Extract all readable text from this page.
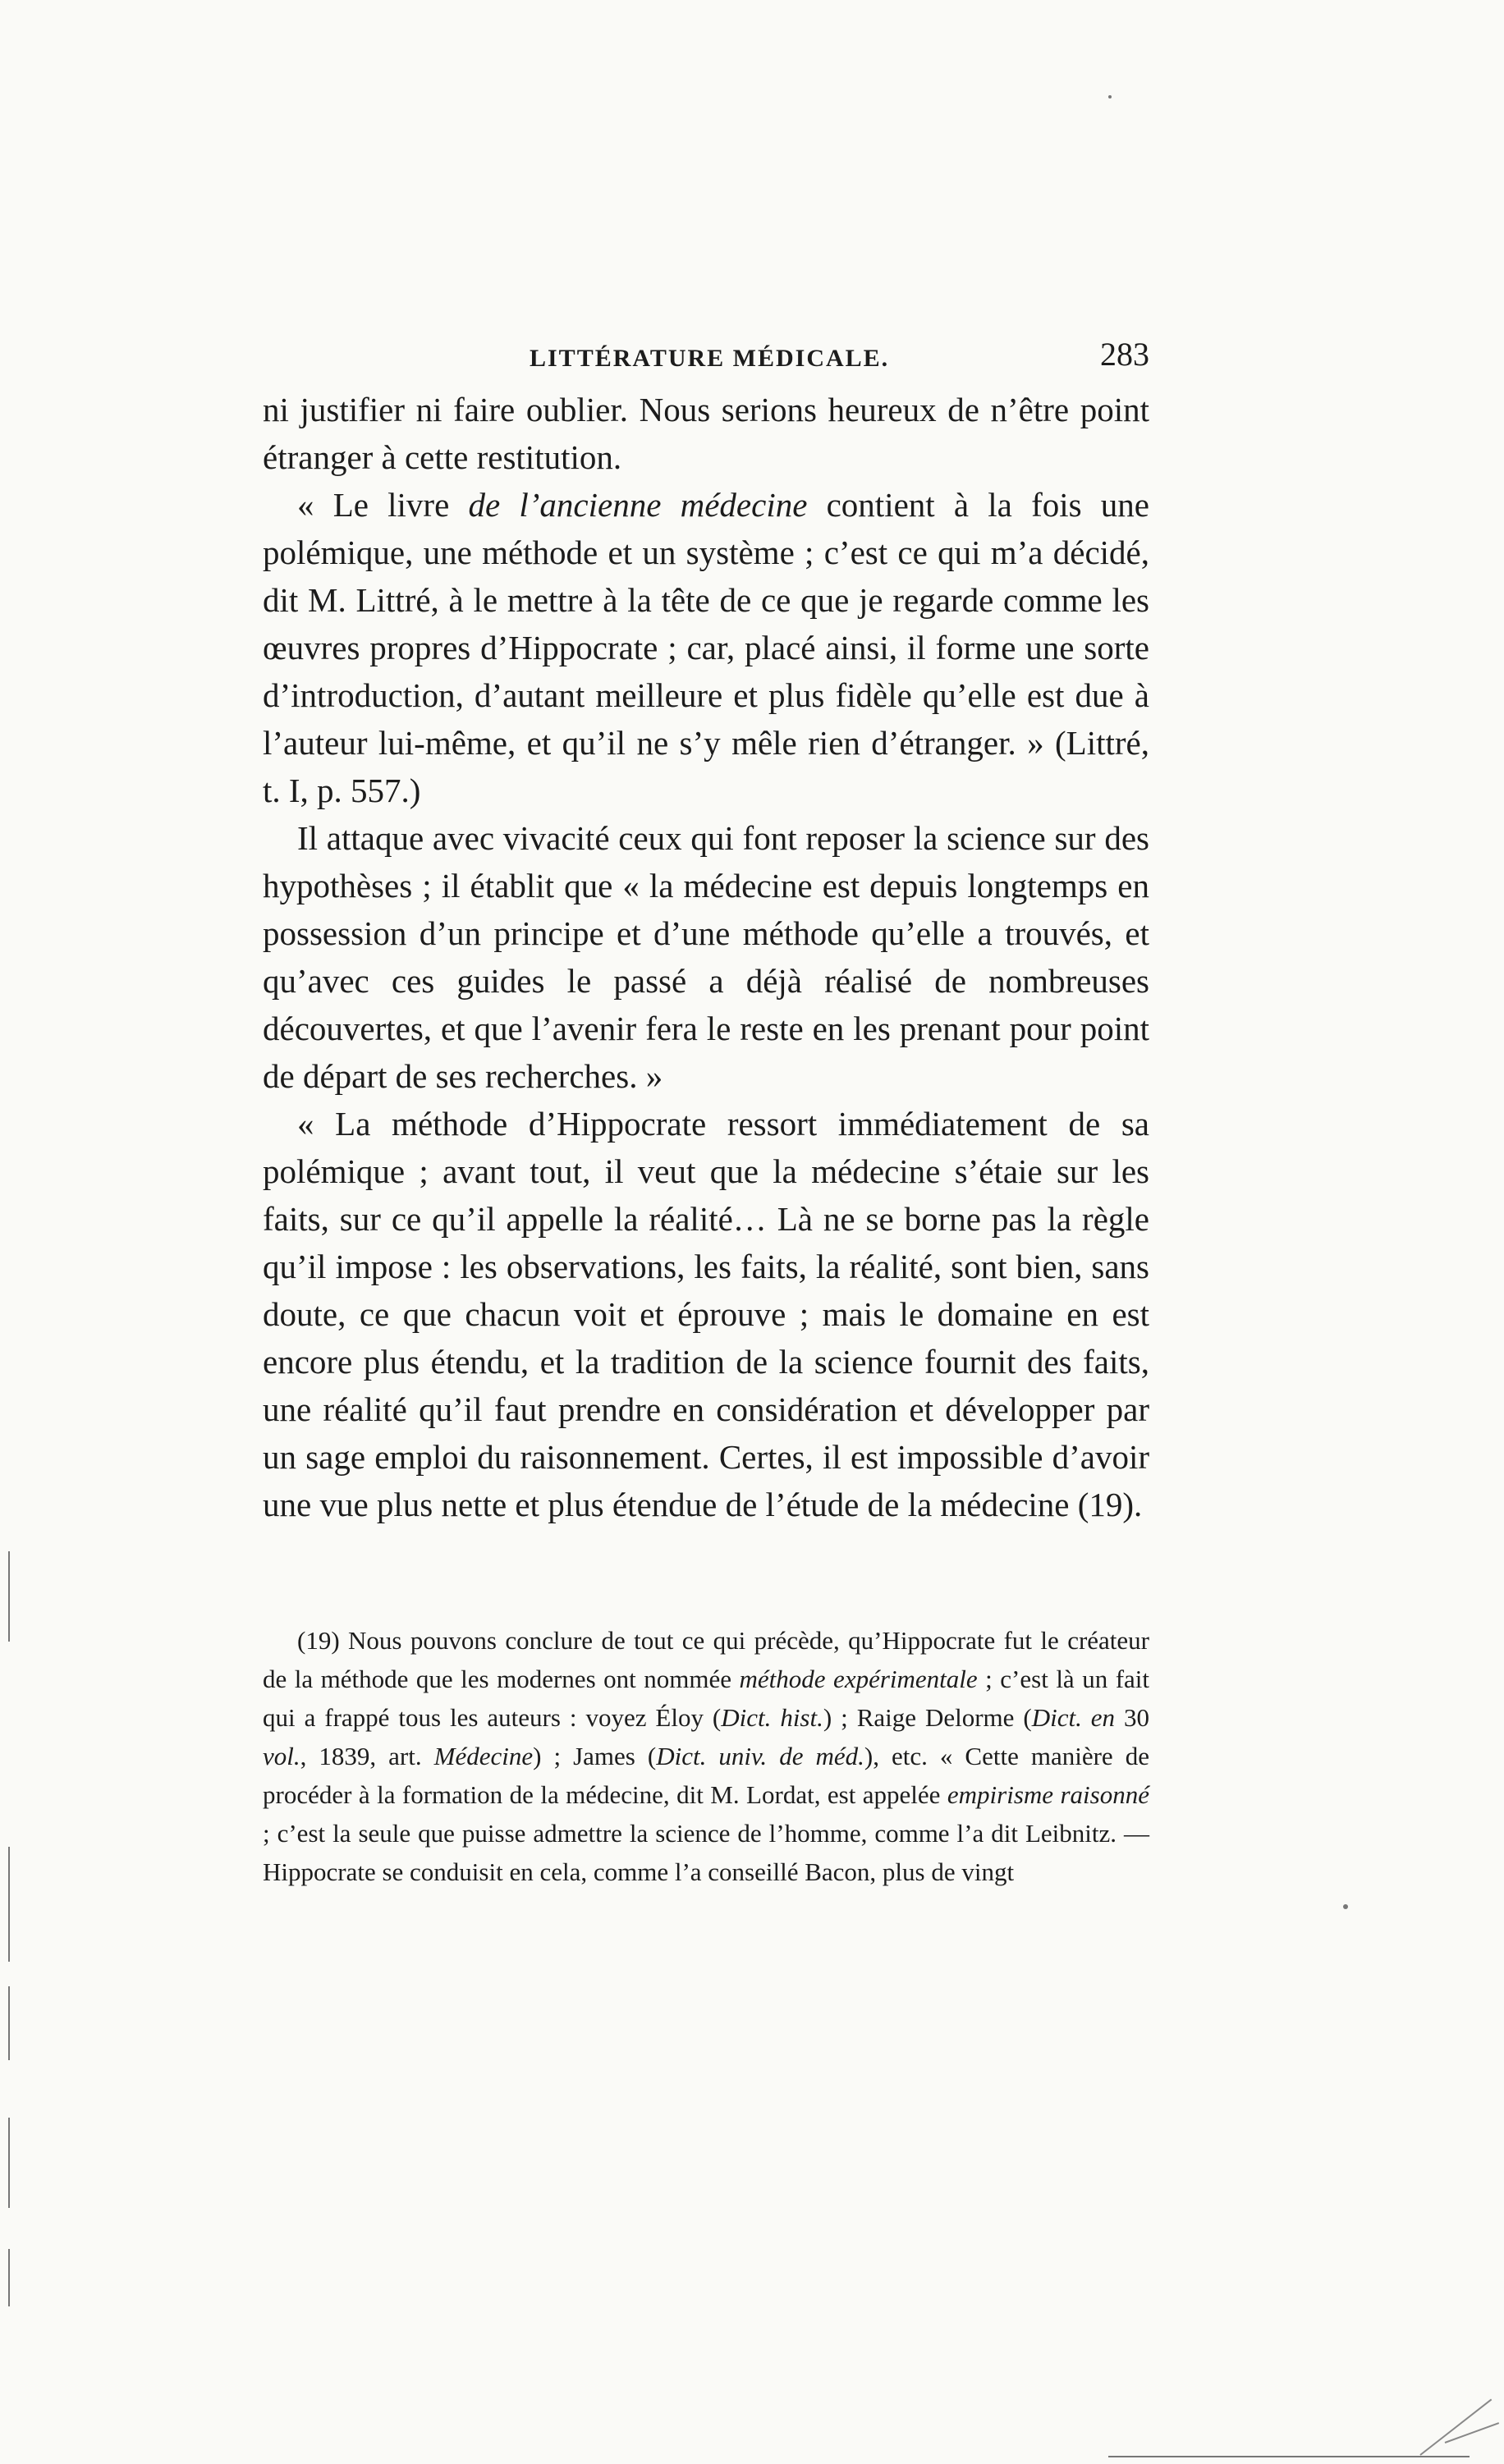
LITTÉRATURE MÉDICALE.	283

ni justifier ni faire oublier. Nous serions heureux de n’être point étranger à cette restitution.

« Le livre de l’ancienne médecine contient à la fois une polémique, une méthode et un système ; c’est ce qui m’a décidé, dit M. Littré, à le mettre à la tête de ce que je regarde comme les œuvres propres d’Hippocrate ; car, placé ainsi, il forme une sorte d’introduction, d’autant meilleure et plus fidèle qu’elle est due à l’auteur lui-même, et qu’il ne s’y mêle rien d’étranger. » (Littré, t. I, p. 557.)

Il attaque avec vivacité ceux qui font reposer la science sur des hypothèses ; il établit que « la médecine est depuis longtemps en possession d’un principe et d’une méthode qu’elle a trouvés, et qu’avec ces guides le passé a déjà réalisé de nombreuses découvertes, et que l’avenir fera le reste en les prenant pour point de départ de ses recherches. »

« La méthode d’Hippocrate ressort immédiatement de sa polémique ; avant tout, il veut que la médecine s’étaie sur les faits, sur ce qu’il appelle la réalité… Là ne se borne pas la règle qu’il impose : les observations, les faits, la réalité, sont bien, sans doute, ce que chacun voit et éprouve ; mais le domaine en est encore plus étendu, et la tradition de la science fournit des faits, une réalité qu’il faut prendre en considération et développer par un sage emploi du raisonnement. Certes, il est impossible d’avoir une vue plus nette et plus étendue de l’étude de la médecine (19).

(19) Nous pouvons conclure de tout ce qui précède, qu’Hippocrate fut le créateur de la méthode que les modernes ont nommée méthode expérimentale ; c’est là un fait qui a frappé tous les auteurs : voyez Éloy (Dict. hist.) ; Raige Delorme (Dict. en 30 vol., 1839, art. Médecine) ; James (Dict. univ. de méd.), etc. « Cette manière de procéder à la formation de la médecine, dit M. Lordat, est appelée empirisme raisonné ; c’est la seule que puisse admettre la science de l’homme, comme l’a dit Leibnitz. — Hippocrate se conduisit en cela, comme l’a conseillé Bacon, plus de vingt
